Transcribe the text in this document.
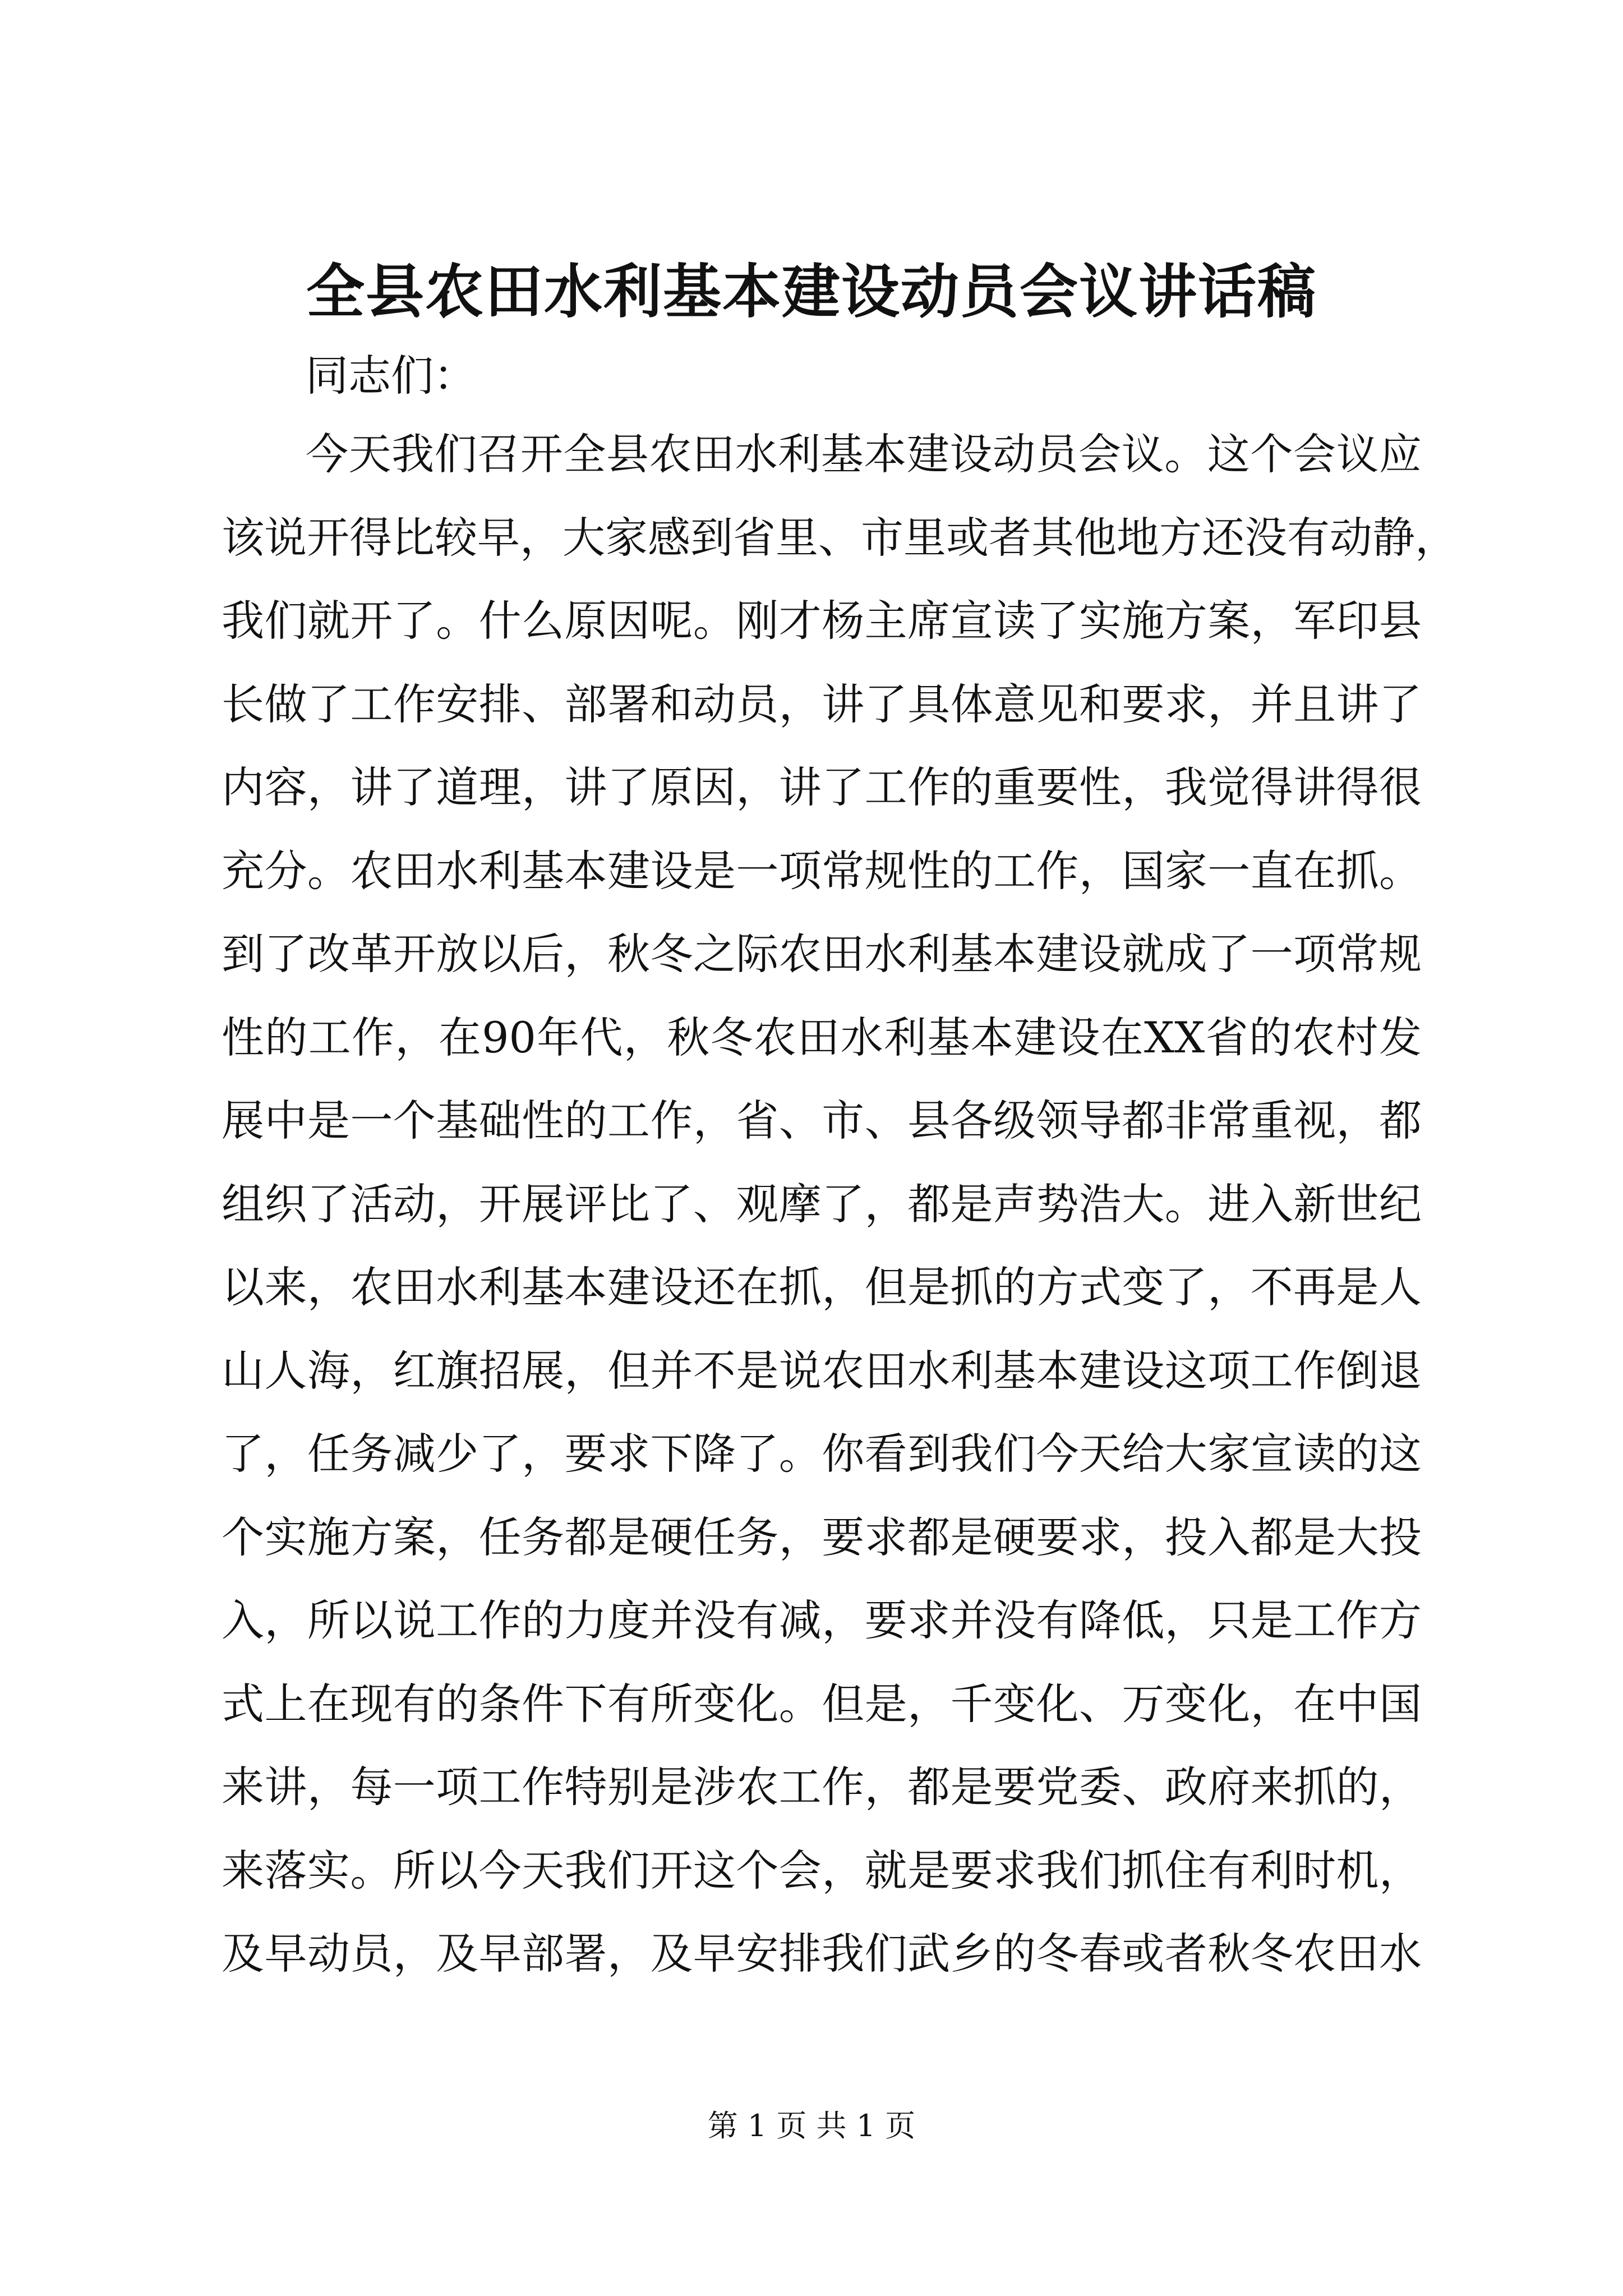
全县农田水利基本建设动员会议讲话稿

同志们：

今天我们召开全县农田水利基本建设动员会议。这个会议应
该说开得比较早，大家感到省里、市里或者其他地方还没有动静，
我们就开了。什么原因呢。刚才杨主席宣读了实施方案，军印县
长做了工作安排、部署和动员，讲了具体意见和要求，并且讲了
内容，讲了道理，讲了原因，讲了工作的重要性，我觉得讲得很
充分。农田水利基本建设是一项常规性的工作，国家一直在抓。
到了改革开放以后，秋冬之际农田水利基本建设就成了一项常规
性的工作，在90年代，秋冬农田水利基本建设在XX省的农村发
展中是一个基础性的工作，省、市、县各级领导都非常重视，都
组织了活动，开展评比了、观摩了，都是声势浩大。进入新世纪
以来，农田水利基本建设还在抓，但是抓的方式变了，不再是人
山人海，红旗招展，但并不是说农田水利基本建设这项工作倒退
了，任务减少了，要求下降了。你看到我们今天给大家宣读的这
个实施方案，任务都是硬任务，要求都是硬要求，投入都是大投
入，所以说工作的力度并没有减，要求并没有降低，只是工作方
式上在现有的条件下有所变化。但是，千变化、万变化，在中国
来讲，每一项工作特别是涉农工作，都是要党委、政府来抓的，
来落实。所以今天我们开这个会，就是要求我们抓住有利时机，
及早动员，及早部署，及早安排我们武乡的冬春或者秋冬农田水

第 1 页 共 1 页
